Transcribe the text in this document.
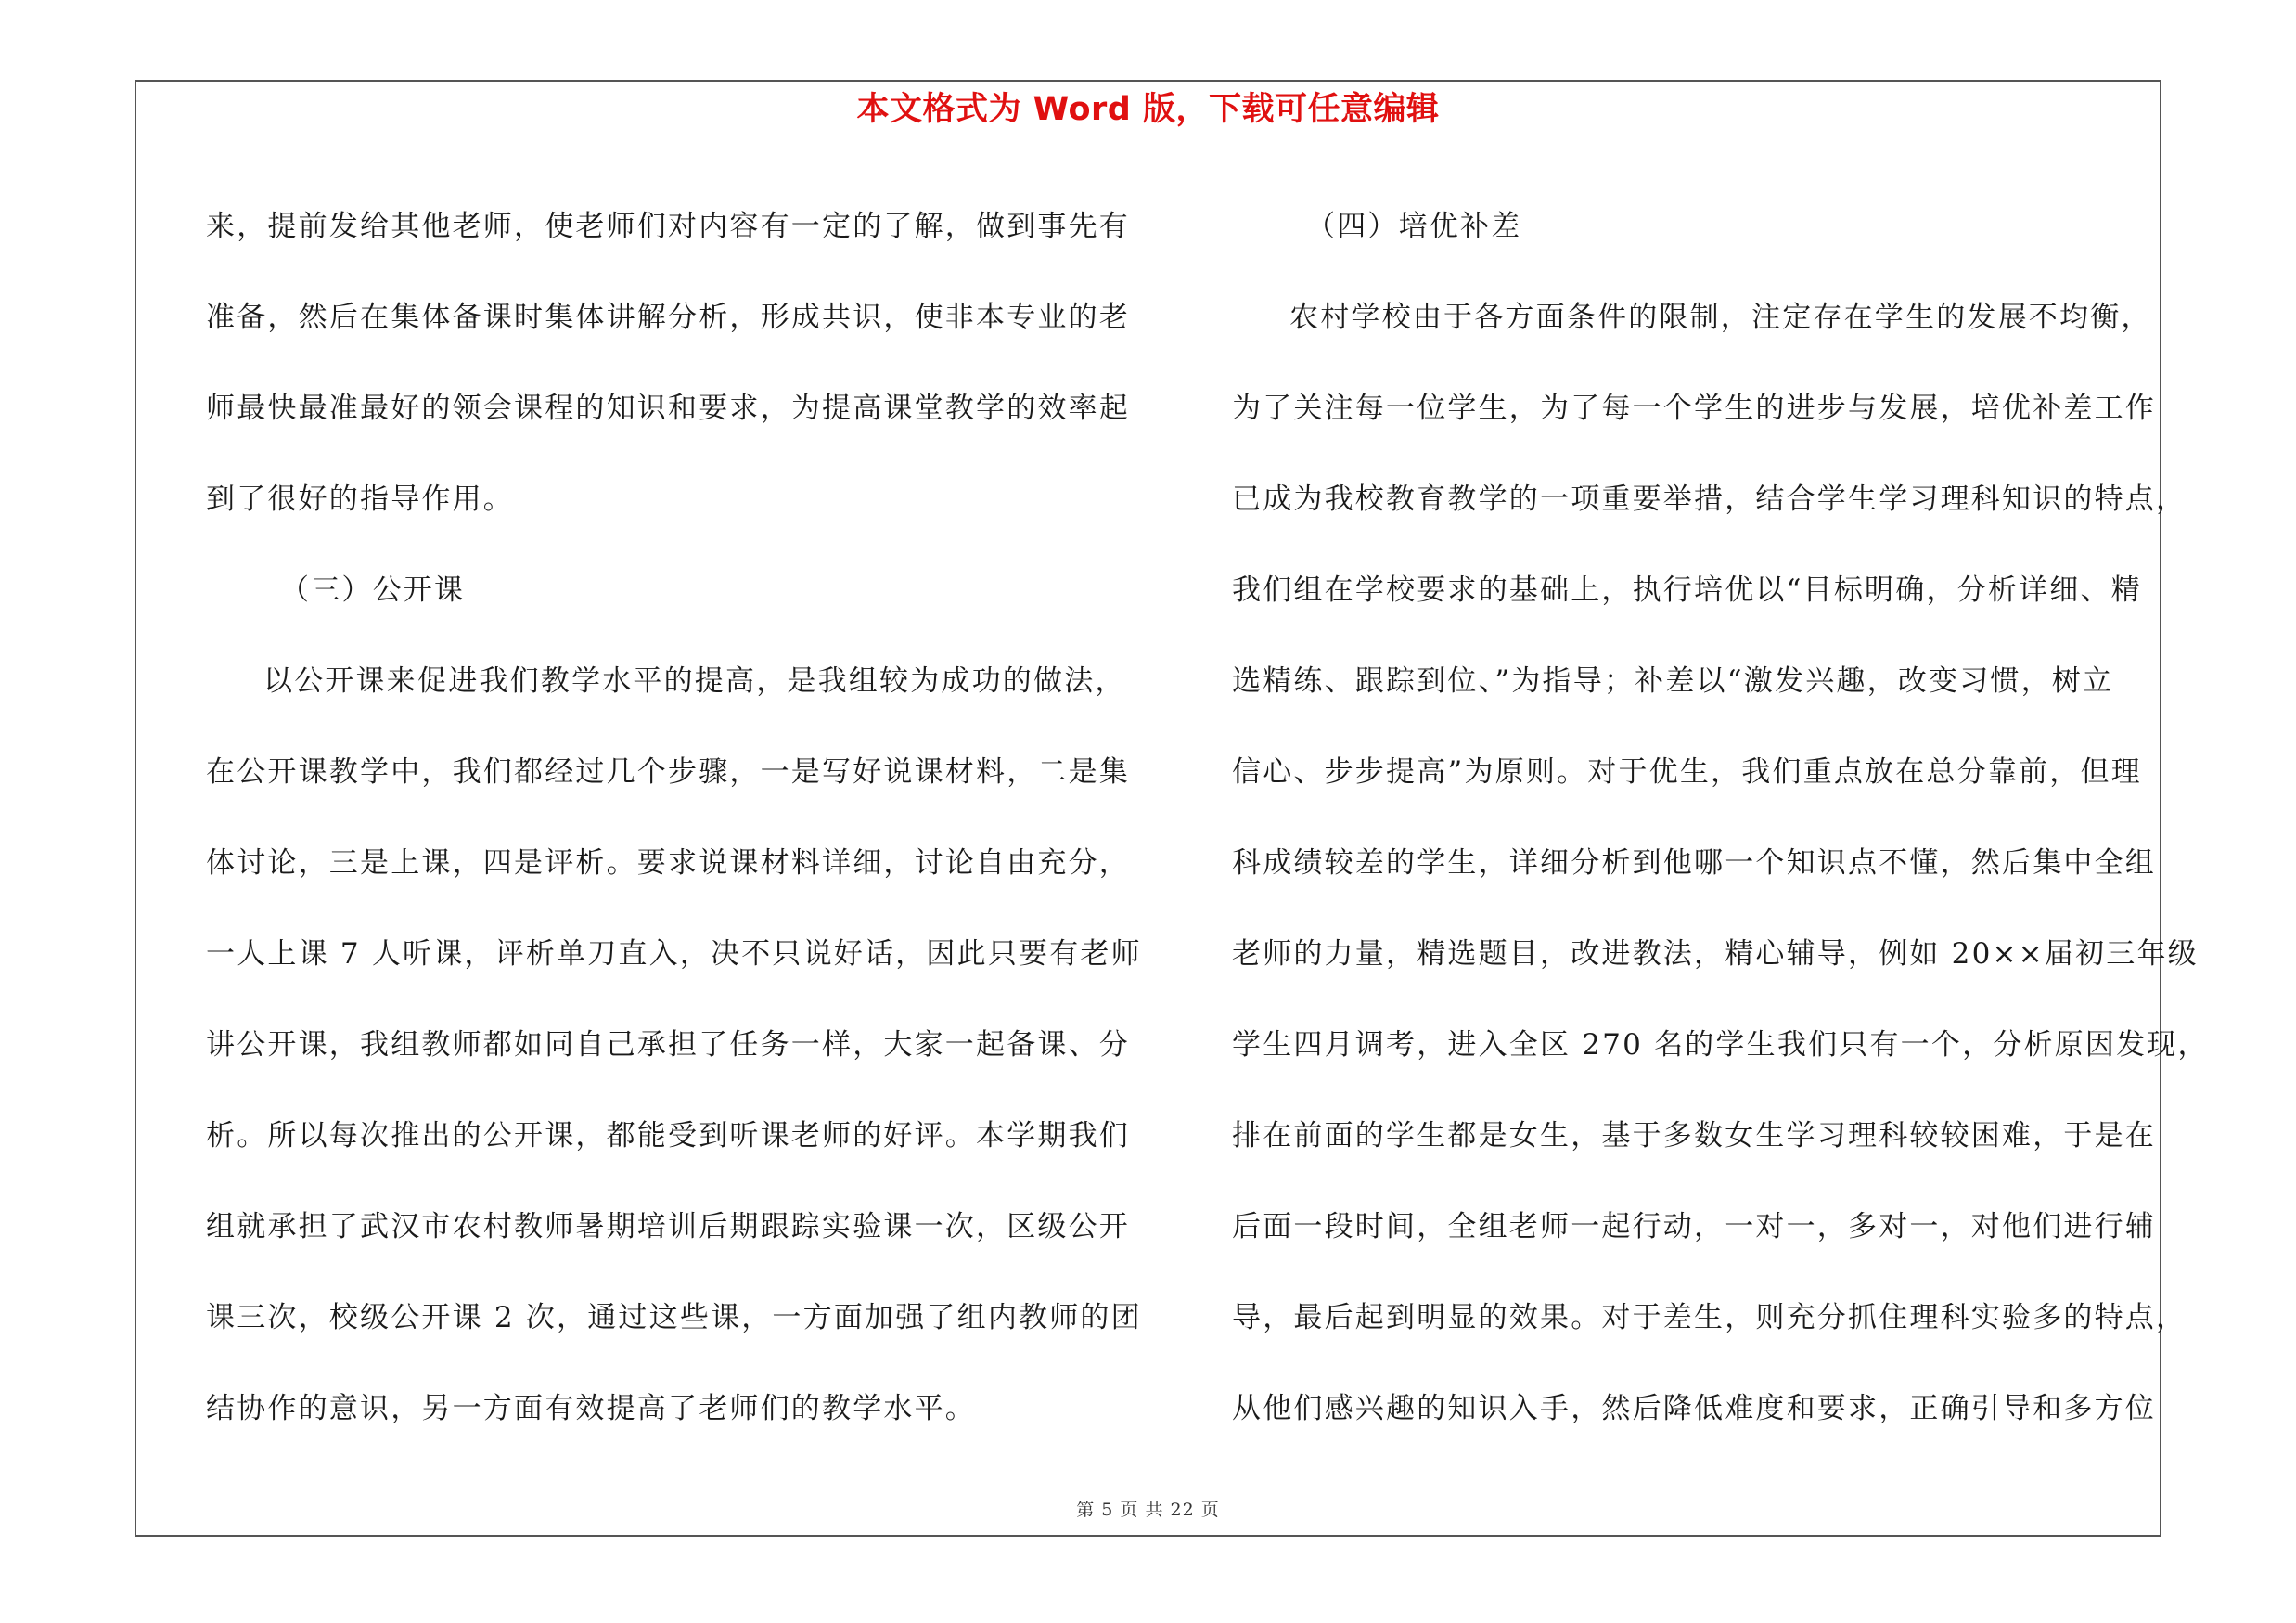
本文格式为 Word 版，下载可任意编辑
来，提前发给其他老师，使老师们对内容有一定的了解，做到事先有
准备，然后在集体备课时集体讲解分析，形成共识，使非本专业的老
师最快最准最好的领会课程的知识和要求，为提高课堂教学的效率起
到了很好的指导作用。
（三）公开课
以公开课来促进我们教学水平的提高，是我组较为成功的做法，
在公开课教学中，我们都经过几个步骤，一是写好说课材料，二是集
体讨论，三是上课，四是评析。要求说课材料详细，讨论自由充分，
一人上课 7 人听课，评析单刀直入，决不只说好话，因此只要有老师
讲公开课，我组教师都如同自己承担了任务一样，大家一起备课、分
析。所以每次推出的公开课，都能受到听课老师的好评。本学期我们
组就承担了武汉市农村教师暑期培训后期跟踪实验课一次，区级公开
课三次，校级公开课 2 次，通过这些课，一方面加强了组内教师的团
结协作的意识，另一方面有效提高了老师们的教学水平。
（四）培优补差
农村学校由于各方面条件的限制，注定存在学生的发展不均衡，
为了关注每一位学生，为了每一个学生的进步与发展，培优补差工作
已成为我校教育教学的一项重要举措，结合学生学习理科知识的特点，
我们组在学校要求的基础上，执行培优以“目标明确，分析详细、精
选精练、跟踪到位、”为指导；补差以“激发兴趣，改变习惯，树立
信心、步步提高”为原则。对于优生，我们重点放在总分靠前，但理
科成绩较差的学生，详细分析到他哪一个知识点不懂，然后集中全组
老师的力量，精选题目，改进教法，精心辅导，例如 20××届初三年级
学生四月调考，进入全区 270 名的学生我们只有一个，分析原因发现，
排在前面的学生都是女生，基于多数女生学习理科较较困难，于是在
后面一段时间，全组老师一起行动，一对一，多对一，对他们进行辅
导，最后起到明显的效果。对于差生，则充分抓住理科实验多的特点，
从他们感兴趣的知识入手，然后降低难度和要求，正确引导和多方位
第 5 页 共 22 页
